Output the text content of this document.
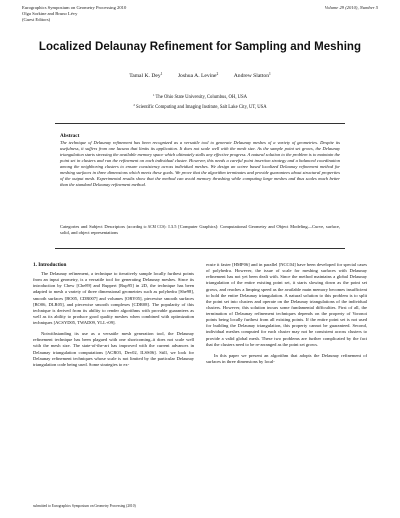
Eurographics Symposium on Geometry Processing 2010
Olga Sorkine and Bruno Lévy
(Guest Editors)
Volume 29 (2010), Number 5
Localized Delaunay Refinement for Sampling and Meshing
Tamal K. Dey$^1$	Joshua A. Levine$^2$	Andrew Slatton$^1$
$^1$The Ohio State University, Columbus, OH, USA
$^2$Scientific Computing and Imaging Institute, Salt Lake City, UT, USA
Abstract
The technique of Delaunay refinement has been recognized as a versatile tool to generate Delaunay meshes of a variety of geometries. Despite its usefulness, it suffers from one lacuna that limits its application. It does not scale well with the mesh size. As the sample point set grows, the Delaunay triangulation starts stressing the available memory space which ultimately stalls any effective progress. A natural solution to the problem is to maintain the point set in clusters and run the refinement on each individual cluster. However, this needs a careful point insertion strategy and a balanced coordination among the neighboring clusters to ensure consistency across individual meshes. We design an octree based localized Delaunay refinement method for meshing surfaces in three dimensions which meets these goals. We prove that the algorithm terminates and provide guarantees about structural properties of the output mesh. Experimental results show that the method can avoid memory thrashing while computing large meshes and thus scales much better than the standard Delaunay refinement method.
Categories and Subject Descriptors (according to ACM CCS): I.3.5 [Computer Graphics]: Computational Geometry and Object Modeling—Curve, surface, solid, and object representations
1. Introduction

The Delaunay refinement, a technique to iteratively sample locally furthest points from an input geometry, is a versatile tool for generating Delaunay meshes. Since its introduction by Chew [Che89] and Ruppert [Rup95] in 2D, the technique has been adapted to mesh a variety of three dimensional geometries such as polyhedra [She98], smooth surfaces [BO05, CDR007] and volumes [ORY05], piecewise smooth surfaces [BO06, DLR05], and piecewise smooth complexes [CDR08]. The popularity of this technique is derived from its ability to render algorithms with provable guarantees as well as its ability to produce good quality meshes when combined with optimization techniques [ACSYD05, TWAD09, YLL+09].

Notwithstanding its use as a versatile mesh generation tool, the Delaunay refinement technique has been plagued with one shortcoming–it does not scale well with the mesh size. The state-of-the-art has improved with the current advances in Delaunay triangulation computations [ACR03, Dev02, ILSS06]. Still, we look for Delaunay refinement techniques whose scale is not limited by the particular Delaunay triangulation code being used. Some strategies to ex-

ecute it faster [HMP06] and in parallel [NCC04] have been developed for special cases of polyhedra. However, the issue of scale for meshing surfaces with Delaunay refinement has not yet been dealt with. Since the method maintains a global Delaunay triangulation of the entire existing point set, it starts slowing down as the point set grows, and reaches a limping speed as the available main memory becomes insufficient to hold the entire Delaunay triangulation. A natural solution to this problem is to split the point set into clusters and operate on the Delaunay triangulations of the individual clusters. However, this solution incurs some fundamental difficulties. First of all, the termination of Delaunay refinement techniques depends on the property of Voronoi points being locally furthest from all existing points. If the entire point set is not used for building the Delaunay triangulation, this property cannot be guaranteed. Second, individual meshes computed for each cluster may not be consistent across clusters to provide a valid global mesh. These two problems are further complicated by the fact that the clusters need to be re-arranged as the point set grows.

In this paper we present an algorithm that adopts the Delaunay refinement of surfaces in three dimensions by local-

submitted to Eurographics Symposium on Geometry Processing (2010)
